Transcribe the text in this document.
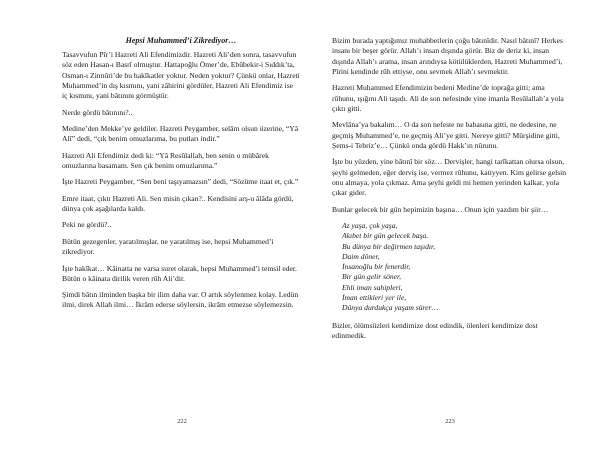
Hepsi Muhammed’i Zikrediyor…

Tasavvufun Pîr’i Hazreti Ali Efendimizdir. Hazreti Ali’den sonra, tasavvufun söz eden Hasan-ı Basrî olmuştur. Hattapoğlu Ömer’de, Ebûbekir-i Sıddık’ta, Osman-ı Zinnûri’de bu hakîkatler yoktur. Neden yoktur? Çünkü onlar, Hazreti Muhammed’in dış kısmını, yani zâhirini gördüler, Hazreti Ali Efendimiz ise iç kısmını, yani bâtınını görmüştür.

Nerde gördü bâtınını?..

Medine’den Mekke’ye geldiler. Hazreti Peygamber, selâm olsun üzerine, “Yâ Alî” dedi, “çık benim omuzlarıma, bu putları indir.”

Hazreti Ali Efendimiz dedi ki: “Yâ Resûlallah, ben senin o mübârek omuzlarına basamam. Sen çık benim omuzlarıma.”

İşte Hazreti Peygamber, “Sen beni taşıyamazsın” dedi, “Sözüme itaat et, çık.”

Emre itaat, çıktı Hazreti Ali. Sen misin çıkan?.. Kendisini arş-u âlâda gördü, dünya çok aşağılarda kaldı.

Peki ne gördü?..

Bütün gezegenler, yaratılmışlar, ne yaratılmış ise, hepsi Muhammed’i zikrediyor.

İşte hakîkat… Kâinatta ne varsa suret olarak, hepsi Muhammed’i temsil eder. Bütün o kâinata dirilik veren rûh Ali’dir.

Şimdi bâtın ilminden başka bir ilim daha var. O artık söylenmez kolay. Ledün ilmi, direk Allah ilmi… İkrâm ederse söylersin, ikrâm etmezse söylemezsin.

222

Bizim burada yaptığımız muhabbetlerin çoğu bâtınîdir. Nasıl bâtınî? Herkes insanı bir beşer görür. Allah’ı insan dışında görür. Biz de deriz ki, insan dışında Allah’ı arama, insan arındıysa kötülüklerden, Hazreti Muhammed’i, Pîrini kendinde rûh ettiyse, onu sevmek Allah’ı sevmektir.

Hazreti Muhammed Efendimizin bedeni Medine’de toprağa gitti; ama rûhunu, ışığını Ali taşıdı. Ali de son nefesinde yine imanla Resûlallah’a yola çıktı gitti.

Mevlâna’ya bakalım… O da son nefeste ne babasına gitti, ne dedesine, ne geçmiş Muhammed’e, ne geçmiş Ali’ye gitti. Nereye gitti? Mürşidine gitti, Şems-i Tebriz’e… Çünkü onda gördü Hakk’ın nûrunu.

İşte bu yüzden, yine bâtınî bir söz… Dervişler, hangi tarîkattan olursa olsun, şeyhi gelmeden, eğer derviş ise, vermez rûhunu, katiyyen. Kim gelirse gelsin onu almaya, yola çıkmaz. Ama şeyhi geldi mi hemen yerinden kalkar, yola çıkar gider.

Bunlar gelecek bir gün hepimizin başına… Onun için yazdım bir şiir…

Az yaşa, çok yaşa,
Akıbet bir gün gelecek başa.
Bu dünya bir değirmen taşıdır,
Daim döner,
İnsanoğlu bir fenerdir,
Bir gün gelir söner,
Ehli iman sahipleri,
İman ettikleri yer ile,
Dünya durdukça yaşam sürer…

Bizler, ölümsüzleri kendimize dost edindik, ölenleri kendimize dost edinmedik.

223
